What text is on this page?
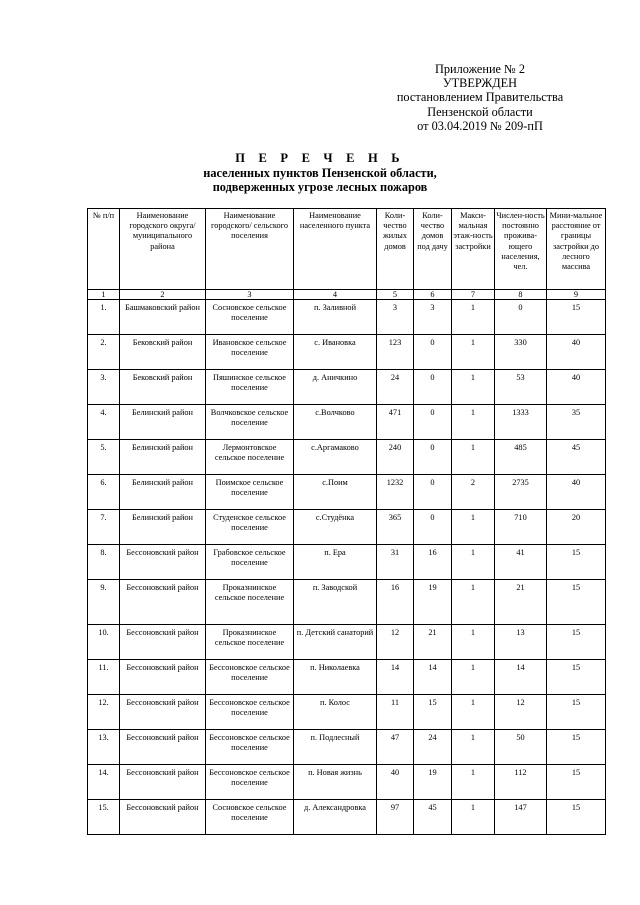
Приложение № 2
УТВЕРЖДЕН
постановлением Правительства
Пензенской области
от 03.04.2019 № 209-пП
П Е Р Е Ч Е Н Ь
населенных пунктов Пензенской области,
подверженных угрозе лесных пожаров
№ п/п	Наименование городского округа/ муниципального района	Наименование городского/ сельского поселения	Наименование населенного пункта	Коли-чество жилых домов	Коли-чество домов под дачу	Макси-мальная этаж-ность застройки	Числен-ность постоянно прожива-ющего населения, чел.	Мини-мальное расстояние от границы застройки до лесного массива
1	2	3	4	5	6	7	8	9
1.	Башмаковский район	Сосновское сельское поселение	п. Заливной	3	3	1	0	15
2.	Бековский район	Ивановское сельское поселение	с. Ивановка	123	0	1	330	40
3.	Бековский район	Пяшинское сельское поселение	д. Аничкино	24	0	1	53	40
4.	Белинский район	Волчковское сельское поселение	с.Волчково	471	0	1	1333	35
5.	Белинский район	Лермонтовское сельское поселение	с.Аргамаково	240	0	1	485	45
6.	Белинский район	Поимское сельское поселение	с.Поим	1232	0	2	2735	40
7.	Белинский район	Студенское сельское поселение	с.Студёнка	365	0	1	710	20
8.	Бессоновский район	Грабовское сельское поселение	п. Ера	31	16	1	41	15
9.	Бессоновский район	Проказнинское сельское поселение	п. Заводской	16	19	1	21	15
10.	Бессоновский район	Проказнинское сельское поселение	п. Детский санаторий	12	21	1	13	15
11.	Бессоновский район	Бессоновское сельское поселение	п. Николаевка	14	14	1	14	15
12.	Бессоновский район	Бессоновское сельское поселение	п. Колос	11	15	1	12	15
13.	Бессоновский район	Бессоновское сельское поселение	п. Подлесный	47	24	1	50	15
14.	Бессоновский район	Бессоновское сельское поселение	п. Новая жизнь	40	19	1	112	15
15.	Бессоновский район	Сосновское сельское поселение	д. Александровка	97	45	1	147	15
